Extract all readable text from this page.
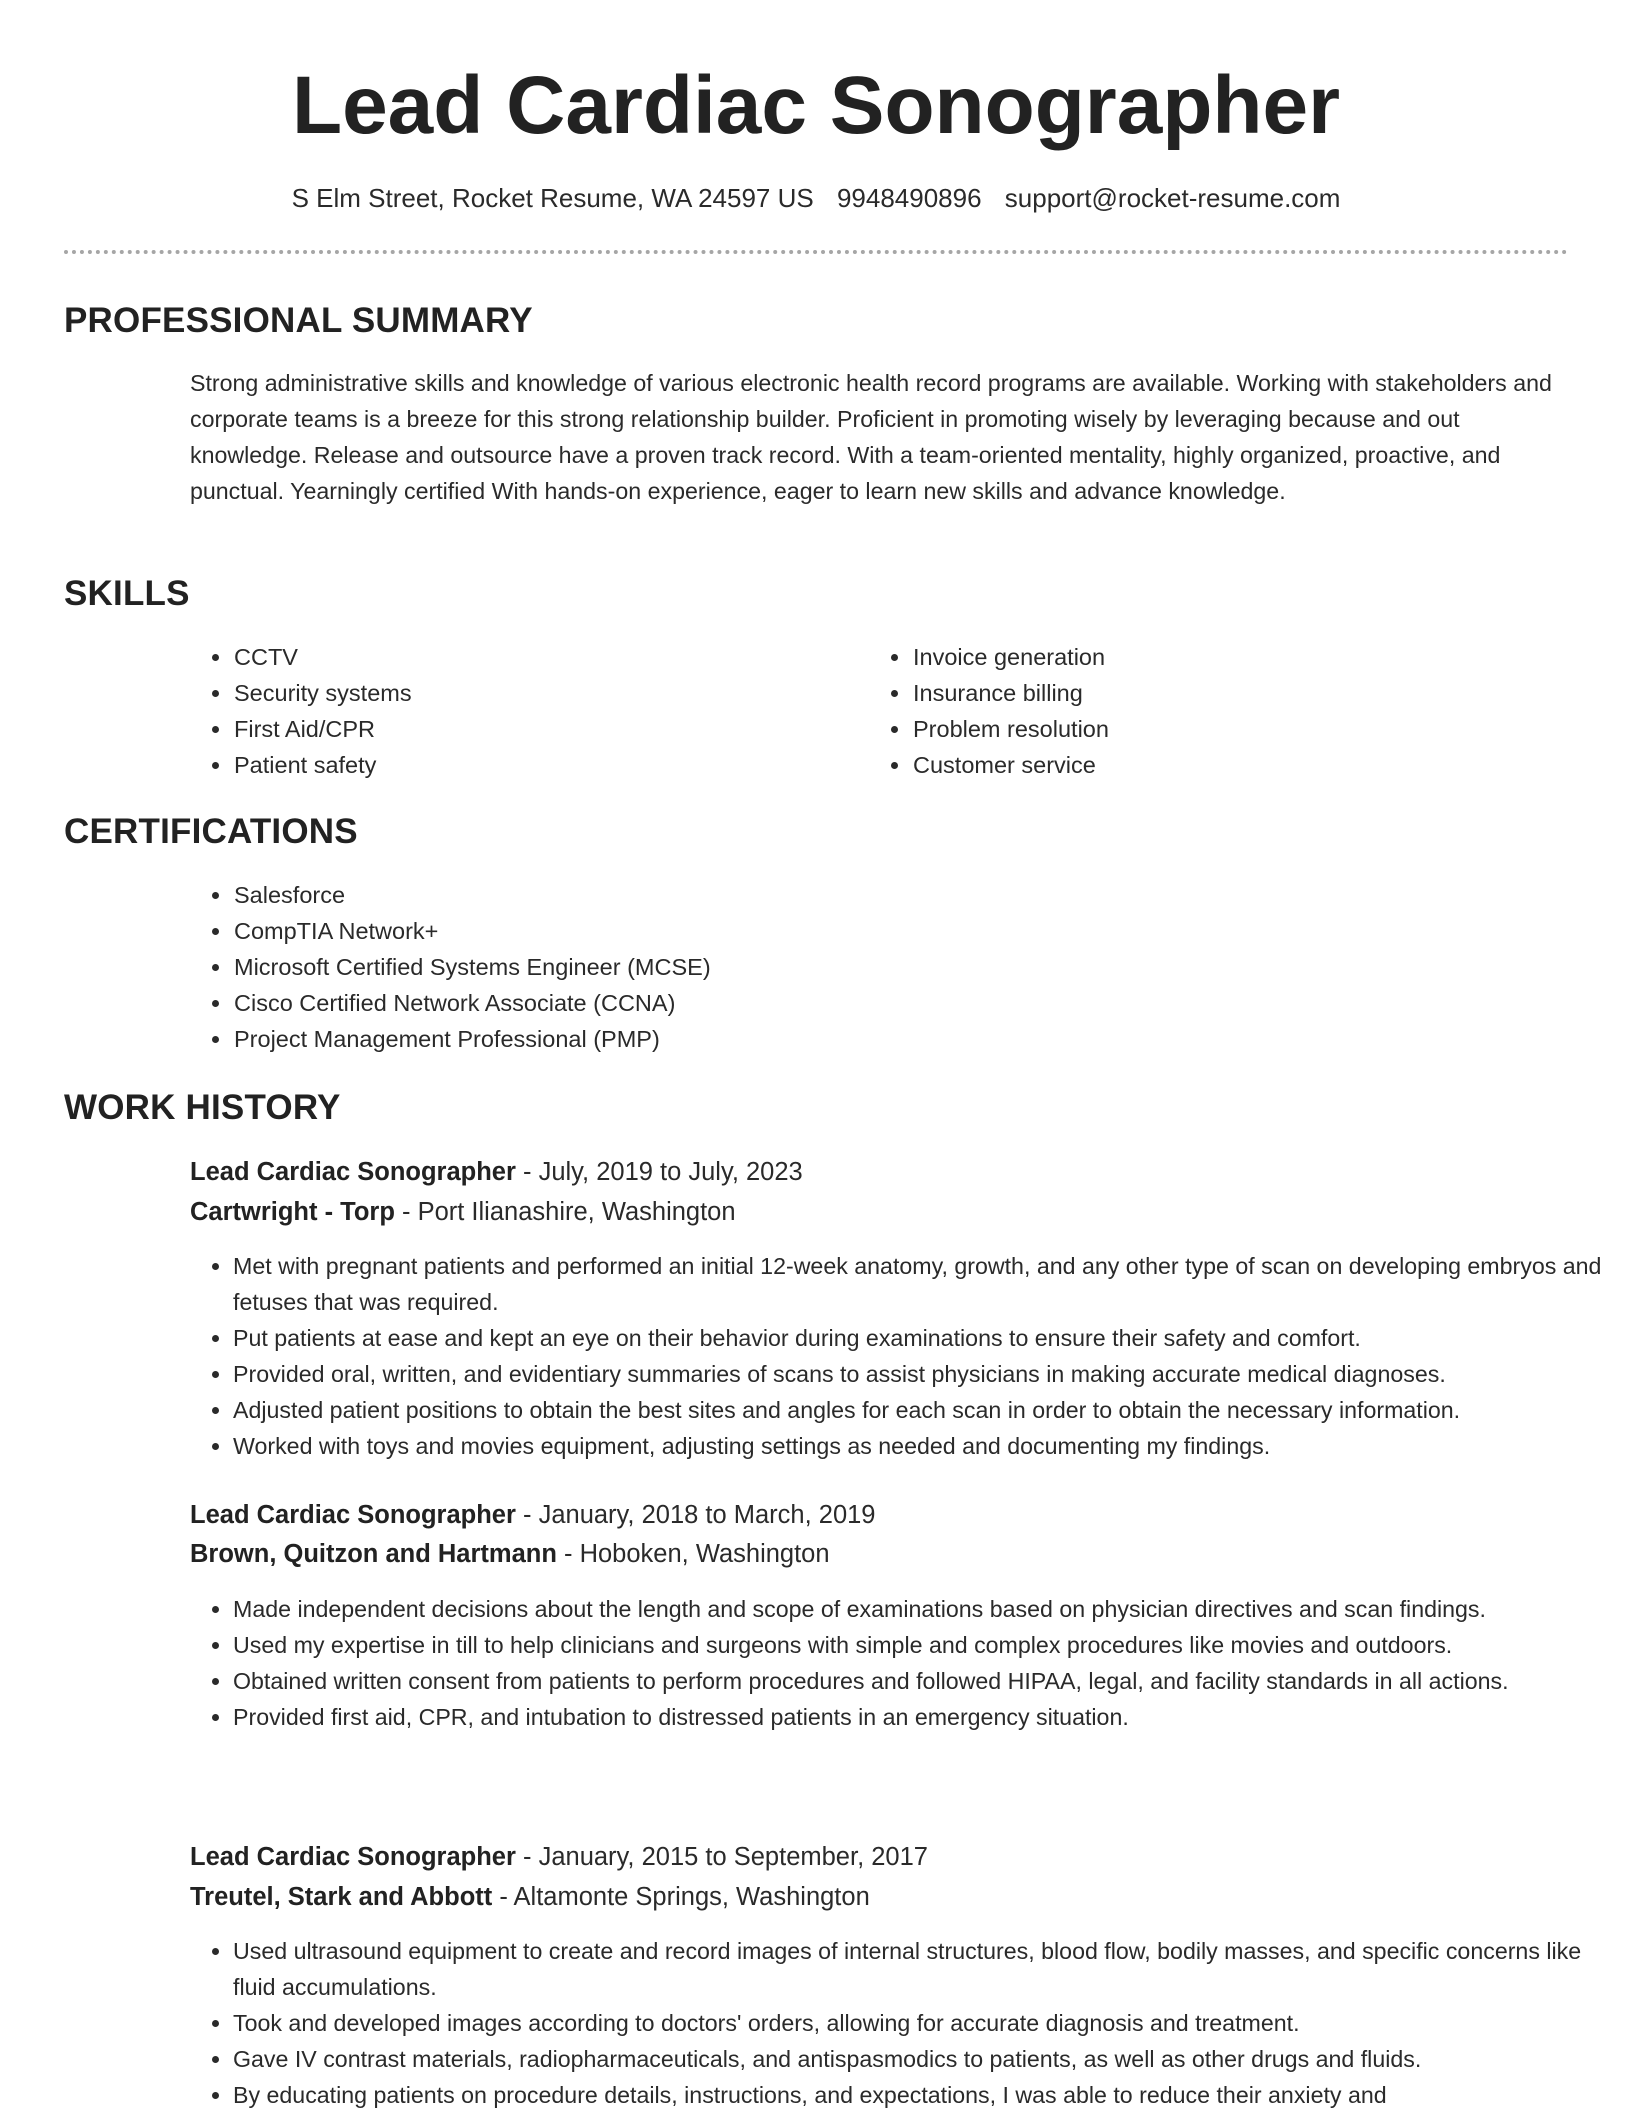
Lead Cardiac Sonographer
S Elm Street, Rocket Resume, WA 24597 US 9948490896 support@rocket-resume.com
PROFESSIONAL SUMMARY

Strong administrative skills and knowledge of various electronic health record programs are available. Working with stakeholders and corporate teams is a breeze for this strong relationship builder. Proficient in promoting wisely by leveraging because and out knowledge. Release and outsource have a proven track record. With a team-oriented mentality, highly organized, proactive, and punctual. Yearningly certified With hands-on experience, eager to learn new skills and advance knowledge.

SKILLS
• CCTV
• Security systems
• First Aid/CPR
• Patient safety
• Invoice generation
• Insurance billing
• Problem resolution
• Customer service
CERTIFICATIONS
• Salesforce
• CompTIA Network+
• Microsoft Certified Systems Engineer (MCSE)
• Cisco Certified Network Associate (CCNA)
• Project Management Professional (PMP)
WORK HISTORY
Lead Cardiac Sonographer - July, 2019 to July, 2023
Cartwright - Torp - Port Ilianashire, Washington
• Met with pregnant patients and performed an initial 12-week anatomy, growth, and any other type of scan on developing embryos and fetuses that was required.
• Put patients at ease and kept an eye on their behavior during examinations to ensure their safety and comfort.
• Provided oral, written, and evidentiary summaries of scans to assist physicians in making accurate medical diagnoses.
• Adjusted patient positions to obtain the best sites and angles for each scan in order to obtain the necessary information.
• Worked with toys and movies equipment, adjusting settings as needed and documenting my findings.
Lead Cardiac Sonographer - January, 2018 to March, 2019
Brown, Quitzon and Hartmann - Hoboken, Washington
• Made independent decisions about the length and scope of examinations based on physician directives and scan findings.
• Used my expertise in till to help clinicians and surgeons with simple and complex procedures like movies and outdoors.
• Obtained written consent from patients to perform procedures and followed HIPAA, legal, and facility standards in all actions.
• Provided first aid, CPR, and intubation to distressed patients in an emergency situation.
Lead Cardiac Sonographer - January, 2015 to September, 2017
Treutel, Stark and Abbott - Altamonte Springs, Washington
• Used ultrasound equipment to create and record images of internal structures, blood flow, bodily masses, and specific concerns like fluid accumulations.
• Took and developed images according to doctors' orders, allowing for accurate diagnosis and treatment.
• Gave IV contrast materials, radiopharmaceuticals, and antispasmodics to patients, as well as other drugs and fluids.
• By educating patients on procedure details, instructions, and expectations, I was able to reduce their anxiety and
